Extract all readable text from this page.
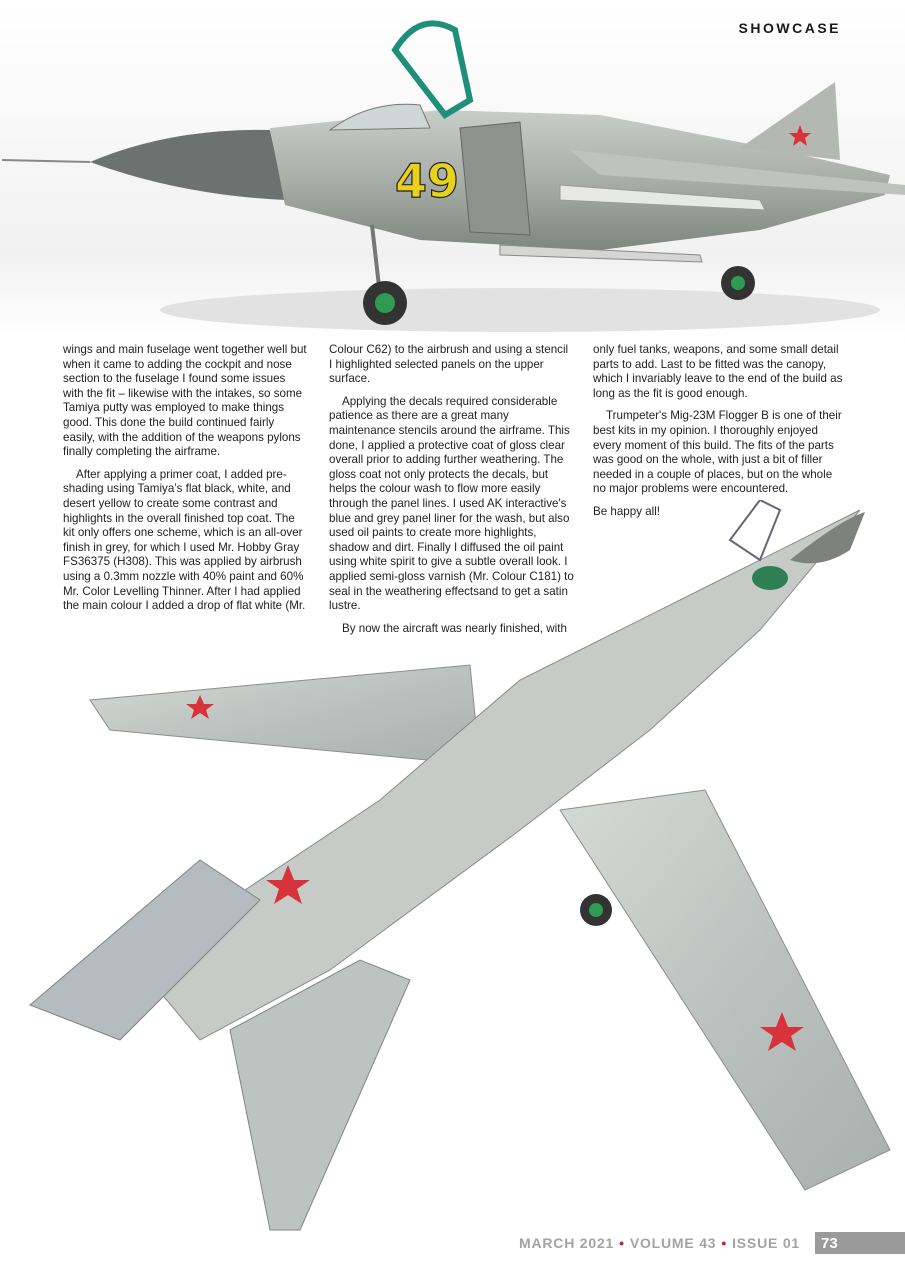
49
SHOWCASE

wings and main fuselage went together well but when it came to adding the cockpit and nose section to the fuselage I found some issues with the fit – likewise with the intakes, so some Tamiya putty was employed to make things good. This done the build continued fairly easily, with the addition of the weapons pylons finally completing the airframe.

After applying a primer coat, I added pre-shading using Tamiya’s flat black, white, and desert yellow to create some contrast and highlights in the overall finished top coat. The kit only offers one scheme, which is an all-over finish in grey, for which I used Mr. Hobby Gray FS36375 (H308). This was applied by airbrush using a 0.3mm nozzle with 40% paint and 60% Mr. Color Levelling Thinner. After I had applied the main colour I added a drop of flat white (Mr.

Colour C62) to the airbrush and using a stencil I highlighted selected panels on the upper surface.

Applying the decals required considerable patience as there are a great many maintenance stencils around the airframe. This done, I applied a protective coat of gloss clear overall prior to adding further weathering. The gloss coat not only protects the decals, but helps the colour wash to flow more easily through the panel lines. I used AK interactive's blue and grey panel liner for the wash, but also used oil paints to create more highlights, shadow and dirt. Finally I diffused the oil paint using white spirit to give a subtle overall look. I applied semi-gloss varnish (Mr. Colour C181) to seal in the weathering effectsand to get a satin lustre.

By now the aircraft was nearly finished, with

only fuel tanks, weapons, and some small detail parts to add. Last to be fitted was the canopy, which I invariably leave to the end of the build as long as the fit is good enough.

Trumpeter's Mig-23M Flogger B is one of their best kits in my opinion. I thoroughly enjoyed every moment of this build. The fits of the parts was good on the whole, with just a bit of filler needed in a couple of places, but on the whole no major problems were encountered.

Be happy all!

MARCH 2021 • VOLUME 43 • ISSUE 01	73
